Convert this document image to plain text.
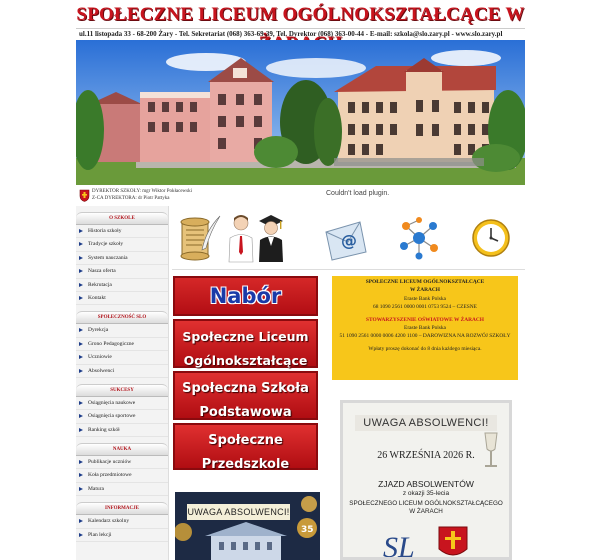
SPOŁECZNE LICEUM OGÓLNOKSZTAŁCĄCE W
ul.11 listopada 33 - 68-200 Żary - Tel. Sekretariat (068) 363-69-39, Tel. Dyrektor (068) 363-00-44 - E-mail: szkola@slo.zary.pl - www.slo.zary.pl
DYREKTOR SZKOŁY: mgr Wiktor Pokłacewski
Z-CA DYREKTORA: dr Piotr Pattyka
Couldn't load plugin.
O SZKOLE
Historia szkoły
Tradycje szkoły
System nauczania
Nasza oferta
Rekrutacja
Kontakt
SPOŁECZNOŚĆ SLO
Dyrekcja
Grono Pedagogiczne
Uczniowie
Absolwenci
SUKCESY
Osiągnięcia naukowe
Osiągnięcia sportowe
Ranking szkół
NAUKA
Publikacje uczniów
Koła przedmiotowe
Matura
INFORMACJE
Kalendarz szkolny
Plan lekcji
@
Nabór
Społeczne Liceum
Ogólnokształcące
Społeczna Szkoła
Podstawowa
Społeczne
Przedszkole
SPOŁECZNE LICEUM OGÓLNOKSZTAŁCĄCE
W ŻARACH
Eraste Bank Polska
68 1090 2561 0000 0001 0753 9524 – CZESNE
STOWARZYSZENIE OŚWIATOWE W ŻARACH
Eraste Bank Polska
51 1090 2561 0000 0006 4200 1100 – DAROWIZNA NA ROZWÓJ SZKOŁY
Wpłaty proszę dokonać do 8 dnia każdego miesiąca.
UWAGA ABSOLWENCI!
26 WRZEŚNIA 2026 R.
ZJAZD ABSOLWENTÓW
z okazji 35-lecia
SPOŁECZNEGO LICEUM OGÓLNOKSZTAŁCĄCEGO
W ŻARACH
SL
35
UWAGA ABSOLWENCI!
